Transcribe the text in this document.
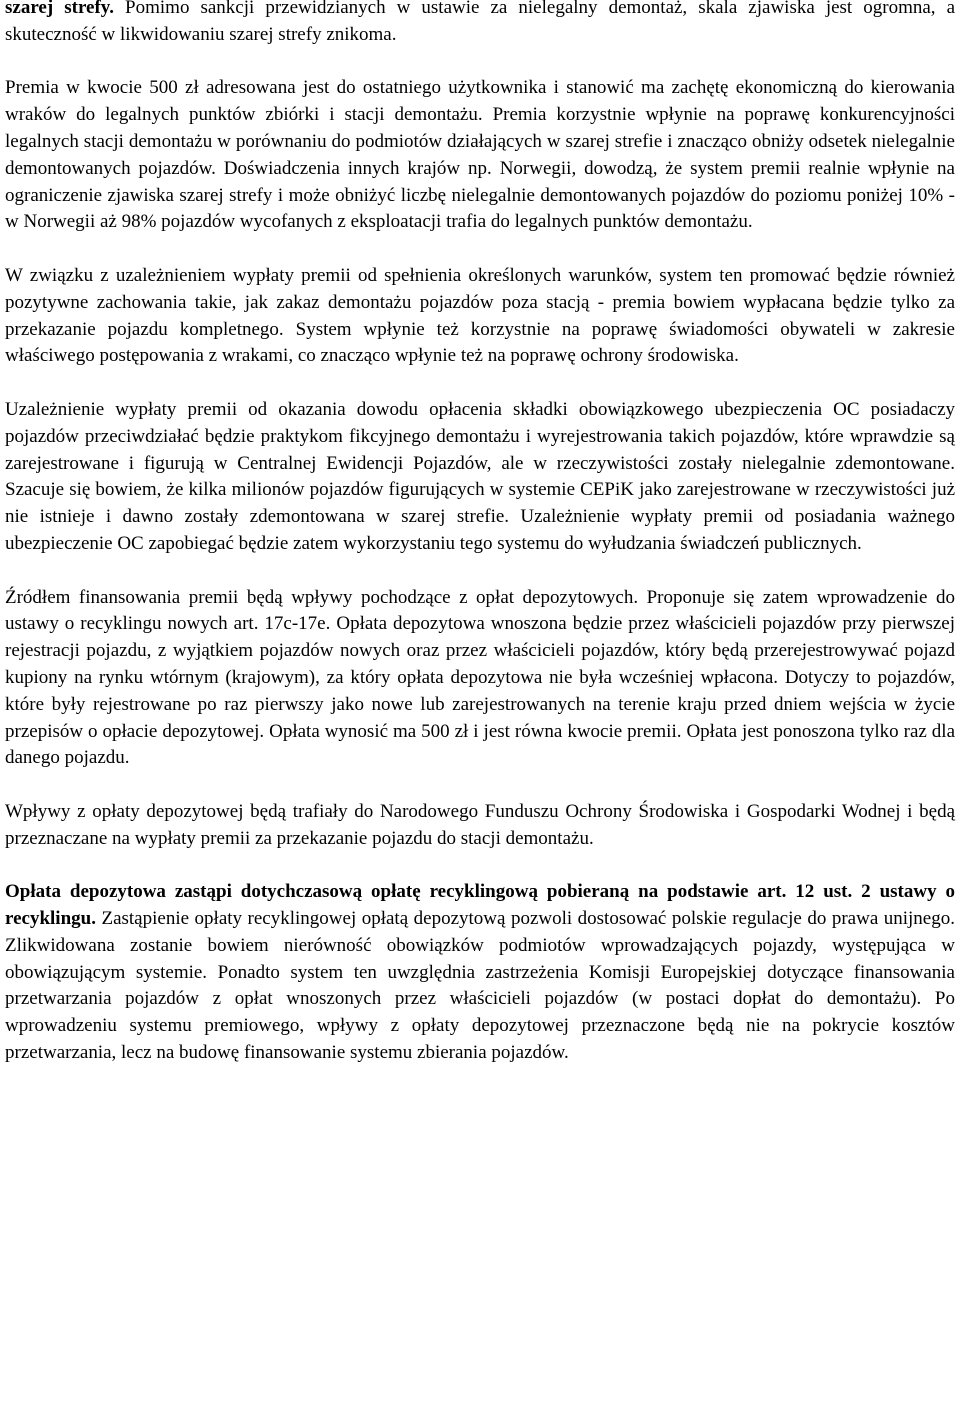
szarej strefy. Pomimo sankcji przewidzianych w ustawie za nielegalny demontaż, skala zjawiska jest ogromna, a skuteczność w likwidowaniu szarej strefy znikoma.

Premia w kwocie 500 zł adresowana jest do ostatniego użytkownika i stanowić ma zachętę ekonomiczną do kierowania wraków do legalnych punktów zbiórki i stacji demontażu. Premia korzystnie wpłynie na poprawę konkurencyjności legalnych stacji demontażu w porównaniu do podmiotów działających w szarej strefie i znacząco obniży odsetek nielegalnie demontowanych pojazdów. Doświadczenia innych krajów np. Norwegii, dowodzą, że system premii realnie wpłynie na ograniczenie zjawiska szarej strefy i może obniżyć liczbę nielegalnie demontowanych pojazdów do poziomu poniżej 10% - w Norwegii aż 98% pojazdów wycofanych z eksploatacji trafia do legalnych punktów demontażu.

W związku z uzależnieniem wypłaty premii od spełnienia określonych warunków, system ten promować będzie również pozytywne zachowania takie, jak zakaz demontażu pojazdów poza stacją - premia bowiem wypłacana będzie tylko za przekazanie pojazdu kompletnego. System wpłynie też korzystnie na poprawę świadomości obywateli w zakresie właściwego postępowania z wrakami, co znacząco wpłynie też na poprawę ochrony środowiska.

Uzależnienie wypłaty premii od okazania dowodu opłacenia składki obowiązkowego ubezpieczenia OC posiadaczy pojazdów przeciwdziałać będzie praktykom fikcyjnego demontażu i wyrejestrowania takich pojazdów, które wprawdzie są zarejestrowane i figurują w Centralnej Ewidencji Pojazdów, ale w rzeczywistości zostały nielegalnie zdemontowane. Szacuje się bowiem, że kilka milionów pojazdów figurujących w systemie CEPiK jako zarejestrowane w rzeczywistości już nie istnieje i dawno zostały zdemontowana w szarej strefie. Uzależnienie wypłaty premii od posiadania ważnego ubezpieczenie OC zapobiegać będzie zatem wykorzystaniu tego systemu do wyłudzania świadczeń publicznych.

Źródłem finansowania premii będą wpływy pochodzące z opłat depozytowych. Proponuje się zatem wprowadzenie do ustawy o recyklingu nowych art. 17c-17e. Opłata depozytowa wnoszona będzie przez właścicieli pojazdów przy pierwszej rejestracji pojazdu, z wyjątkiem pojazdów nowych oraz przez właścicieli pojazdów, który będą przerejestrowywać pojazd kupiony na rynku wtórnym (krajowym), za który opłata depozytowa nie była wcześniej wpłacona. Dotyczy to pojazdów, które były rejestrowane po raz pierwszy jako nowe lub zarejestrowanych na terenie kraju przed dniem wejścia w życie przepisów o opłacie depozytowej. Opłata wynosić ma 500 zł i jest równa kwocie premii. Opłata jest ponoszona tylko raz dla danego pojazdu.

Wpływy z opłaty depozytowej będą trafiały do Narodowego Funduszu Ochrony Środowiska i Gospodarki Wodnej i będą przeznaczane na wypłaty premii za przekazanie pojazdu do stacji demontażu.

Opłata depozytowa zastąpi dotychczasową opłatę recyklingową pobieraną na podstawie art. 12 ust. 2 ustawy o recyklingu. Zastąpienie opłaty recyklingowej opłatą depozytową pozwoli dostosować polskie regulacje do prawa unijnego. Zlikwidowana zostanie bowiem nierówność obowiązków podmiotów wprowadzających pojazdy, występująca w obowiązującym systemie. Ponadto system ten uwzględnia zastrzeżenia Komisji Europejskiej dotyczące finansowania przetwarzania pojazdów z opłat wnoszonych przez właścicieli pojazdów (w postaci dopłat do demontażu). Po wprowadzeniu systemu premiowego, wpływy z opłaty depozytowej przeznaczone będą nie na pokrycie kosztów przetwarzania, lecz na budowę finansowanie systemu zbierania pojazdów.
